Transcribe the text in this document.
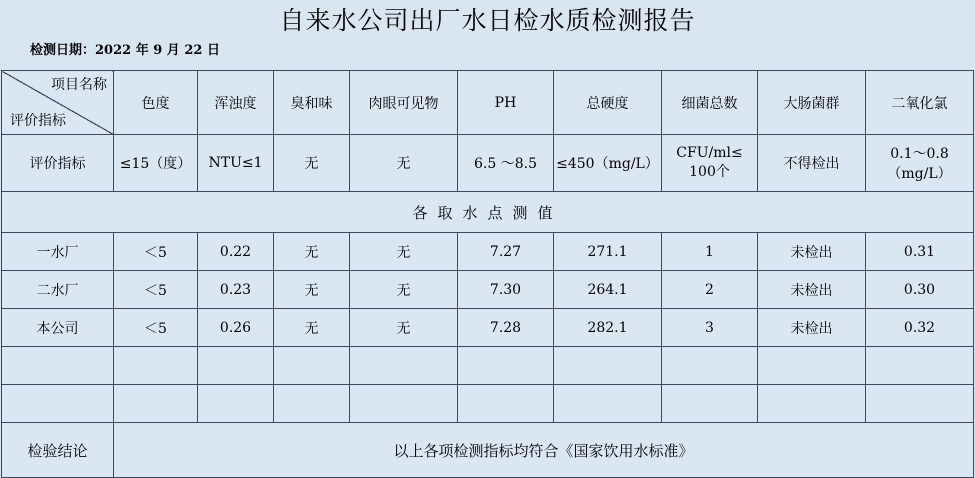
自来水公司出厂水日检水质检测报告
检测日期：2022 年 9 月 22 日
项目名称
评价指标	色度	浑浊度	臭和味	肉眼可见物	PH	总硬度	细菌总数	大肠菌群	二氧化氯
评价指标	≤15（度）	NTU≤1	无	无	6.5 ～8.5	≤450（mg/L）	CFU/ml≤ 100个	不得检出	0.1～0.8（mg/L）
各取水点测值									
一水厂	＜5	0.22	无	无	7.27	271.1	1	未检出	0.31
二水厂	＜5	0.23	无	无	7.30	264.1	2	未检出	0.30
本公司	＜5	0.26	无	无	7.28	282.1	3	未检出	0.32

检验结论	以上各项检测指标均符合《国家饮用水标准》								
